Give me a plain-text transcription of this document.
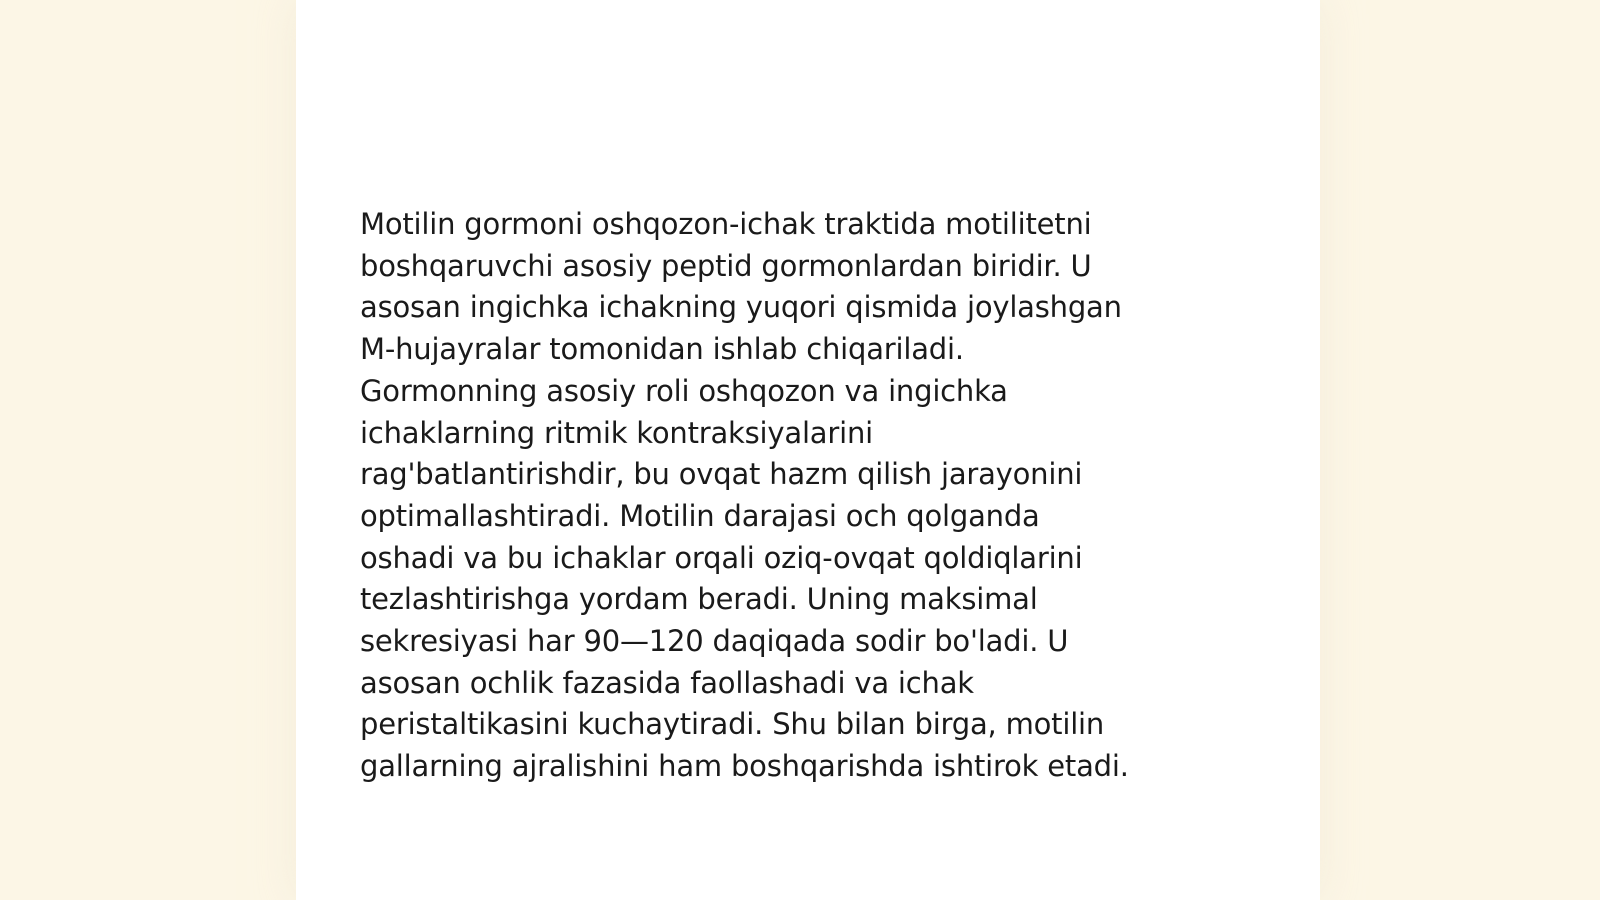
Motilin gormoni oshqozon-ichak traktida motilitetni
boshqaruvchi asosiy peptid gormonlardan biridir. U
asosan ingichka ichakning yuqori qismida joylashgan
M-hujayralar tomonidan ishlab chiqariladi.
Gormonning asosiy roli oshqozon va ingichka
ichaklarning ritmik kontraksiyalarini
rag'batlantirishdir, bu ovqat hazm qilish jarayonini
optimallashtiradi. Motilin darajasi och qolganda
oshadi va bu ichaklar orqali oziq-ovqat qoldiqlarini
tezlashtirishga yordam beradi. Uning maksimal
sekresiyasi har 90—120 daqiqada sodir bo'ladi. U
asosan ochlik fazasida faollashadi va ichak
peristaltikasini kuchaytiradi. Shu bilan birga, motilin
gallarning ajralishini ham boshqarishda ishtirok etadi.
